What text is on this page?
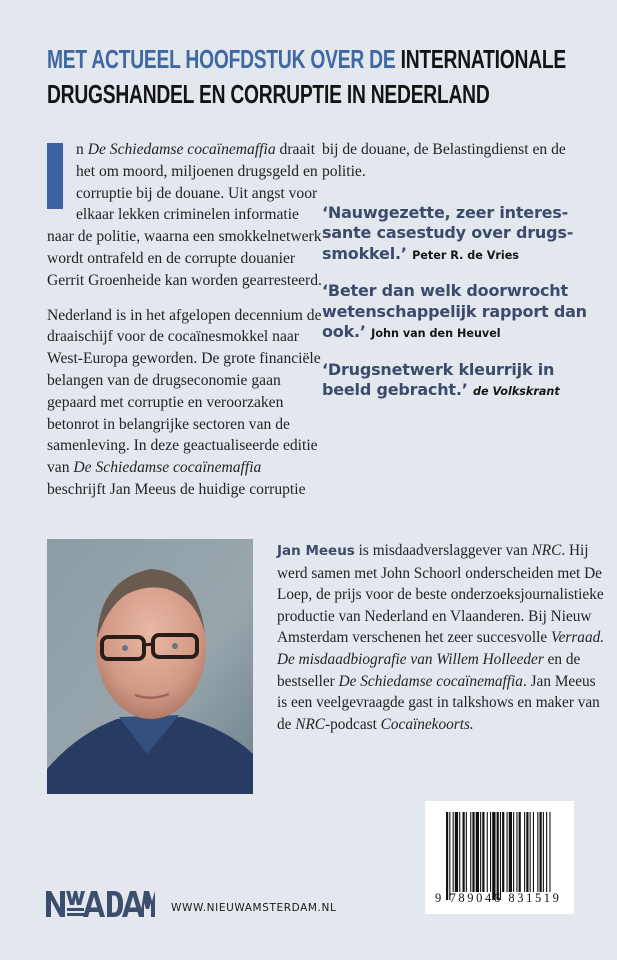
MET ACTUEEL HOOFDSTUK OVER DE INTERNATIONALE
DRUGSHANDEL EN CORRUPTIE IN NEDERLAND

n De Schiedamse cocaïnemaffia draait het om moord, miljoenen drugsgeld en corruptie bij de douane. Uit angst voor elkaar lekken criminelen informatie naar de politie, waarna een smokkelnetwerk wordt ontrafeld en de corrupte douanier Gerrit Groenheide kan worden gearresteerd.

Nederland is in het afgelopen decennium de draaischijf voor de cocaïnesmokkel naar West-Europa geworden. De grote financiële belangen van de drugseconomie gaan gepaard met corruptie en veroorzaken betonrot in belangrijke sectoren van de samenleving. In deze geactualiseerde editie van De Schiedamse cocaïnemaffia beschrijft Jan Meeus de huidige corruptie

bij de douane, de Belastingdienst en de politie.
‘Nauwgezette, zeer interessante casestudy over drugssmokkel.’ Peter R. de Vries
‘Beter dan welk doorwrocht wetenschappelijk rapport dan ook.’ John van den Heuvel
‘Drugsnetwerk kleurrijk in beeld gebracht.’ de Volkskrant
Jan Meeus is misdaadverslaggever van NRC. Hij werd samen met John Schoorl onderscheiden met De Loep, de prijs voor de beste onderzoeksjournalistieke productie van Nederland en Vlaanderen. Bij Nieuw Amsterdam verschenen het zeer succesvolle Verraad. De misdaadbiografie van Willem Holleeder en de bestseller De Schiedamse cocaïnemaffia. Jan Meeus is een veelgevraagde gast in talkshows en maker van de NRC-podcast Cocaïnekoorts.
WWW.NIEUWAMSTERDAM.NL
9 789046 831519
